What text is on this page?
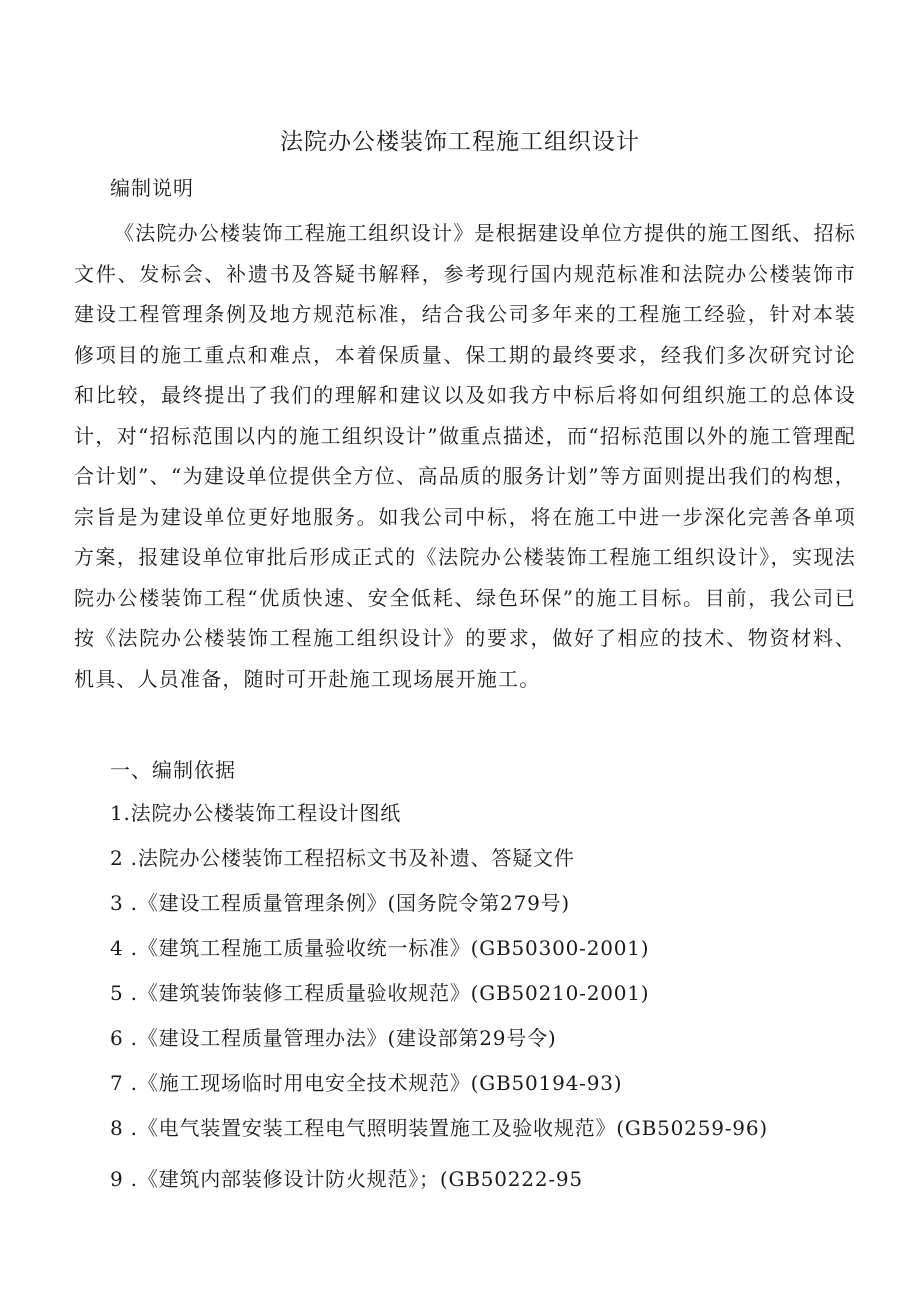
法院办公楼装饰工程施工组织设计
编制说明

《法院办公楼装饰工程施工组织设计》是根据建设单位方提供的施工图纸、招标文件、发标会、补遗书及答疑书解释，参考现行国内规范标准和法院办公楼装饰市建设工程管理条例及地方规范标准，结合我公司多年来的工程施工经验，针对本装修项目的施工重点和难点，本着保质量、保工期的最终要求，经我们多次研究讨论和比较，最终提出了我们的理解和建议以及如我方中标后将如何组织施工的总体设计，对“招标范围以内的施工组织设计”做重点描述，而“招标范围以外的施工管理配合计划”、“为建设单位提供全方位、高品质的服务计划”等方面则提出我们的构想，宗旨是为建设单位更好地服务。如我公司中标，将在施工中进一步深化完善各单项方案，报建设单位审批后形成正式的《法院办公楼装饰工程施工组织设计》，实现法院办公楼装饰工程“优质快速、安全低耗、绿色环保”的施工目标。目前，我公司已按《法院办公楼装饰工程施工组织设计》的要求，做好了相应的技术、物资材料、机具、人员准备，随时可开赴施工现场展开施工。

一、编制依据
1.法院办公楼装饰工程设计图纸
2 .法院办公楼装饰工程招标文书及补遗、答疑文件
3 .《建设工程质量管理条例》(国务院令第279号)
4 .《建筑工程施工质量验收统一标准》(GB50300-2001)
5 .《建筑装饰装修工程质量验收规范》(GB50210-2001)
6 .《建设工程质量管理办法》(建设部第29号令)
7 .《施工现场临时用电安全技术规范》(GB50194-93)
8 .《电气装置安装工程电气照明装置施工及验收规范》(GB50259-96)
9 .《建筑内部装修设计防火规范》；(GB50222-95
